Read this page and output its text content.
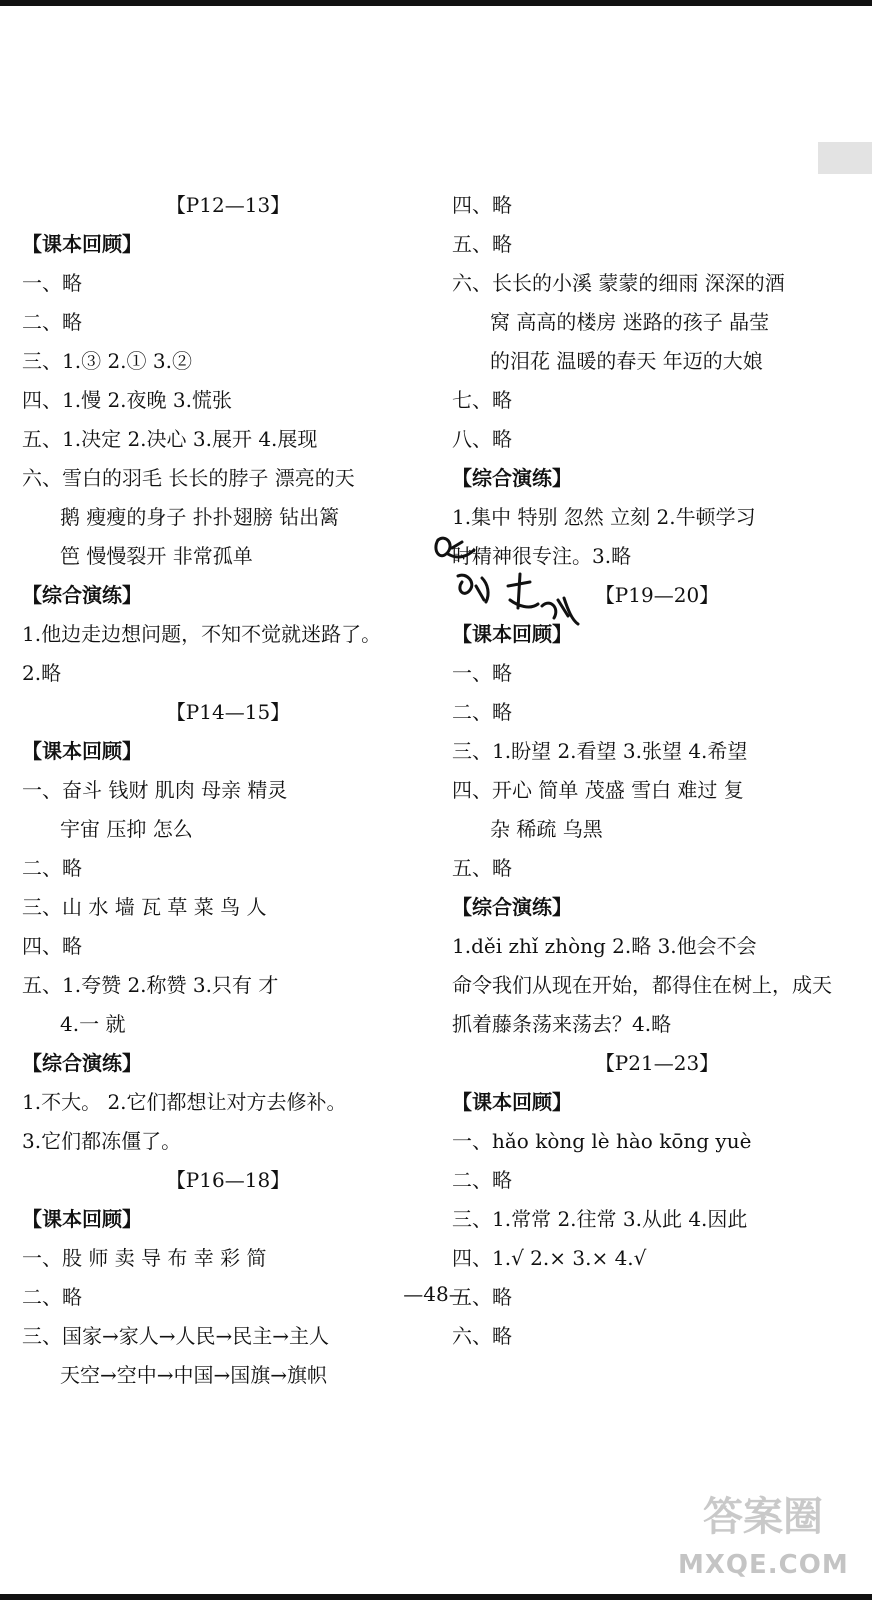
【P12—13】
【课本回顾】
一、略
二、略
三、1.③ 2.① 3.②
四、1.慢 2.夜晚 3.慌张
五、1.决定 2.决心 3.展开 4.展现
六、雪白的羽毛 长长的脖子 漂亮的天
鹅 瘦瘦的身子 扑扑翅膀 钻出篱
笆 慢慢裂开 非常孤单
【综合演练】
1.他边走边想问题，不知不觉就迷路了。
2.略
【P14—15】
【课本回顾】
一、奋斗 钱财 肌肉 母亲 精灵
宇宙 压抑 怎么
二、略
三、山 水 墙 瓦 草 菜 鸟 人
四、略
五、1.夸赞 2.称赞 3.只有 才
4.一 就
【综合演练】
1.不大。 2.它们都想让对方去修补。
3.它们都冻僵了。
【P16—18】
【课本回顾】
一、股 师 卖 导 布 幸 彩 简
二、略
三、国家→家人→人民→民主→主人
天空→空中→中国→国旗→旗帜
四、略
五、略
六、长长的小溪 蒙蒙的细雨 深深的酒
窝 高高的楼房 迷路的孩子 晶莹
的泪花 温暖的春天 年迈的大娘
七、略
八、略
【综合演练】
1.集中 特别 忽然 立刻 2.牛顿学习
时精神很专注。3.略
【P19—20】
【课本回顾】
一、略
二、略
三、1.盼望 2.看望 3.张望 4.希望
四、开心 简单 茂盛 雪白 难过 复
杂 稀疏 乌黑
五、略
【综合演练】
1.děi zhǐ zhòng 2.略 3.他会不会
命令我们从现在开始，都得住在树上，成天
抓着藤条荡来荡去？4.略
【P21—23】
【课本回顾】
一、hǎo kòng lè hào kōng yuè
二、略
三、1.常常 2.往常 3.从此 4.因此
四、1.√ 2.× 3.× 4.√
五、略
六、略
—48—
答案圈
MXQE.COM
